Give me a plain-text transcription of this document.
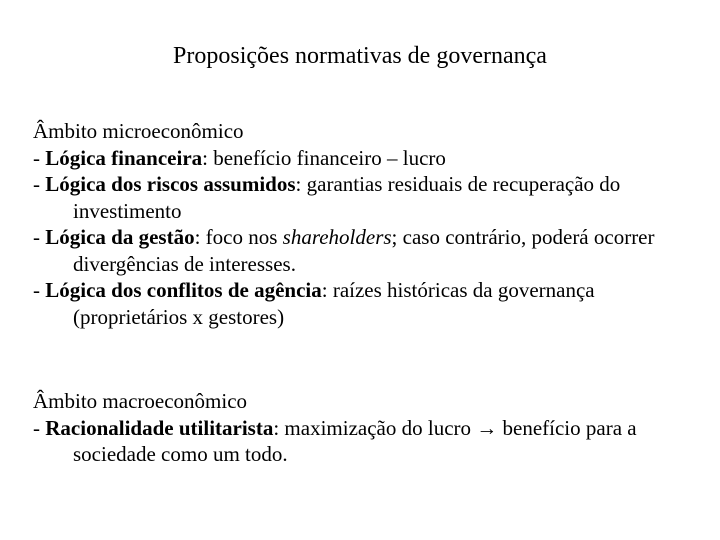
Proposições normativas de governança
Âmbito microeconômico
- Lógica financeira: benefício financeiro – lucro
- Lógica dos riscos assumidos: garantias residuais de recuperação do investimento
- Lógica da gestão: foco nos shareholders; caso contrário, poderá ocorrer divergências de interesses.
- Lógica dos conflitos de agência: raízes históricas da governança (proprietários x gestores)
Âmbito macroeconômico
- Racionalidade utilitarista: maximização do lucro → benefício para a sociedade como um todo.
